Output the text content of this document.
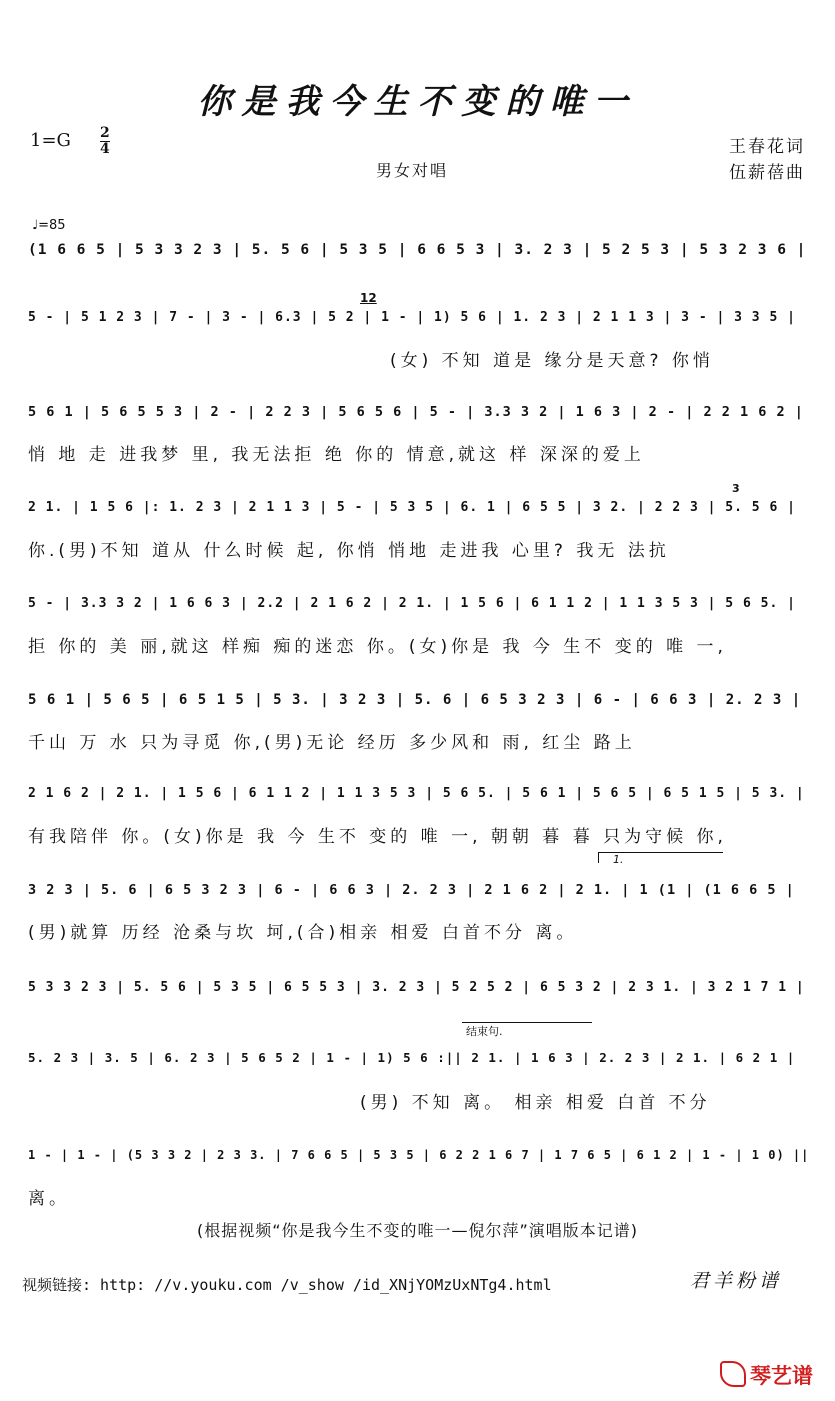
你是我今生不变的唯一
1=G 2
4	王春花词
伍薪蓓曲
男女对唱
♩=85
(1 6 6 5 | 5 3 3 2 3 | 5. 5 6 | 5 3 5 | 6 6 5 3 | 3. 2 3 | 5 2 5 3 | 5 3 2 3 6 |
5 - | 5 1 2 3 | 7 - | 3 - | 6.3 | 5 2 | 1 - | 1) 5 6 | 1. 2 3 | 2 1 1 3 | 3 - | 3 3 5 |
(女) 不知 道是 缘分是天意? 你悄
12
5 6 1 | 5 6 5 5 3 | 2 - | 2 2 3 | 5 6 5 6 | 5 - | 3.3 3 2 | 1 6 3 | 2 - | 2 2 1 6 2 |
悄 地 走 进我梦 里, 我无法拒 绝 你的 情意,就这 样 深深的爱上
2 1. | 1 5 6 |: 1. 2 3 | 2 1 1 3 | 5 - | 5 3 5 | 6. 1 | 6 5 5 | 3 2. | 2 2 3 | 5. 5 6 |
你.(男)不知 道从 什么时候 起, 你悄 悄地 走进我 心里? 我无 法抗
3
5 - | 3.3 3 2 | 1 6 6 3 | 2.2 | 2 1 6 2 | 2 1. | 1 5 6 | 6 1 1 2 | 1 1 3 5 3 | 5 6 5. |
拒 你的 美 丽,就这 样痴 痴的迷恋 你。(女)你是 我 今 生不 变的 唯 一,
5 6 1 | 5 6 5 | 6 5 1 5 | 5 3. | 3 2 3 | 5. 6 | 6 5 3 2 3 | 6 - | 6 6 3 | 2. 2 3 |
千山 万 水 只为寻觅 你,(男)无论 经历 多少风和 雨, 红尘 路上
2 1 6 2 | 2 1. | 1 5 6 | 6 1 1 2 | 1 1 3 5 3 | 5 6 5. | 5 6 1 | 5 6 5 | 6 5 1 5 | 5 3. |
有我陪伴 你。(女)你是 我 今 生不 变的 唯 一, 朝朝 暮 暮 只为守候 你,
1.
3 2 3 | 5. 6 | 6 5 3 2 3 | 6 - | 6 6 3 | 2. 2 3 | 2 1 6 2 | 2 1. | 1 (1 | (1 6 6 5 |
(男)就算 历经 沧桑与坎 坷,(合)相亲 相爱 白首不分 离。
5 3 3 2 3 | 5. 5 6 | 5 3 5 | 6 5 5 3 | 3. 2 3 | 5 2 5 2 | 6 5 3 2 | 2 3 1. | 3 2 1 7 1 |
结束句.
5. 2 3 | 3. 5 | 6. 2 3 | 5 6 5 2 | 1 - | 1) 5 6 :|| 2 1. | 1 6 3 | 2. 2 3 | 2 1. | 6 2 1 |
(男) 不知 离。 相亲 相爱 白首 不分
1 - | 1 - | (5 3 3 2 | 2 3 3. | 7 6 6 5 | 5 3 5 | 6 2 2 1 6 7 | 1 7 6 5 | 6 1 2 | 1 - | 1 0) ||
离。
(根据视频“你是我今生不变的唯一—倪尔萍”演唱版本记谱)
视频链接: http: //v.youku.com /v_show /id_XNjYOMzUxNTg4.html	君羊粉谱
琴艺谱
